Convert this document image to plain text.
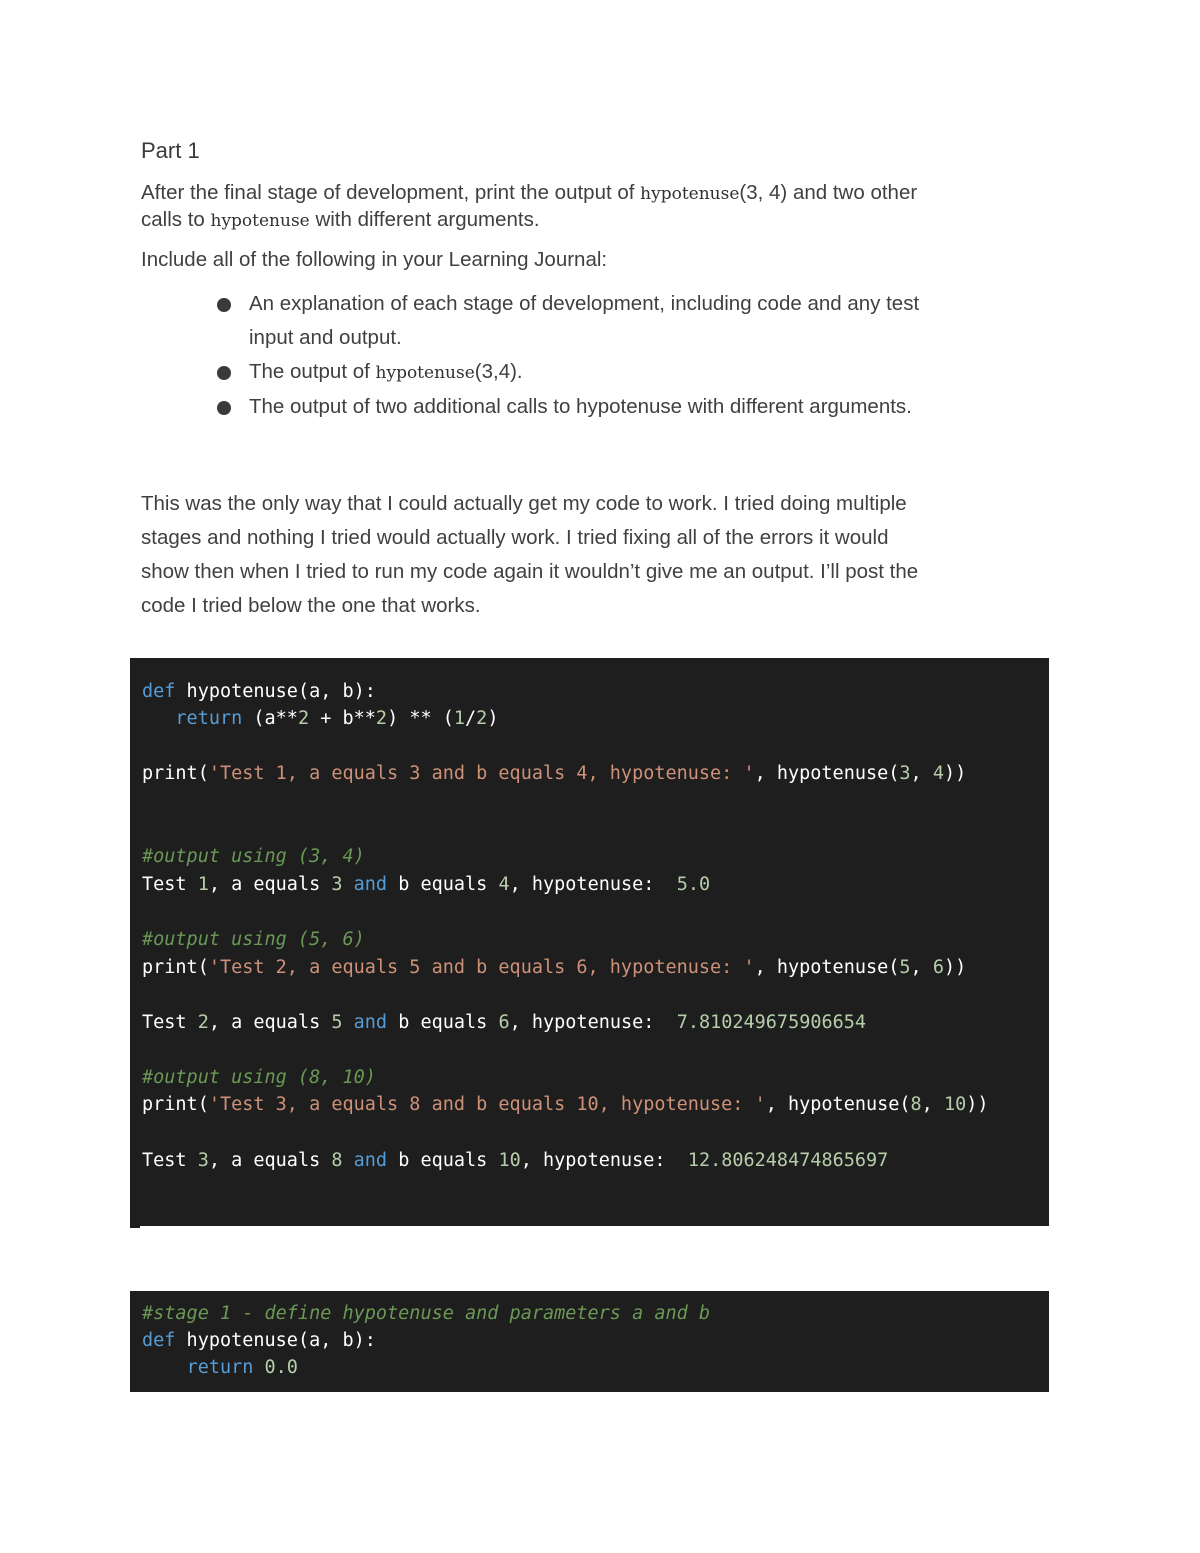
Part 1
After the final stage of development, print the output of hypotenuse(3, 4) and two other
calls to hypotenuse with different arguments.
Include all of the following in your Learning Journal:
An explanation of each stage of development, including code and any test
input and output.
The output of hypotenuse(3,4).
The output of two additional calls to hypotenuse with different arguments.
This was the only way that I could actually get my code to work. I tried doing multiple
stages and nothing I tried would actually work. I tried fixing all of the errors it would
show then when I tried to run my code again it wouldn’t give me an output. I’ll post the
code I tried below the one that works.
def hypotenuse(a, b):
return (a**2 + b**2) ** (1/2)
print('Test 1, a equals 3 and b equals 4, hypotenuse: ', hypotenuse(3, 4))
#output using (3, 4)
Test 1, a equals 3 and b equals 4, hypotenuse:  5.0
#output using (5, 6)
print('Test 2, a equals 5 and b equals 6, hypotenuse: ', hypotenuse(5, 6))
Test 2, a equals 5 and b equals 6, hypotenuse:  7.810249675906654
#output using (8, 10)
print('Test 3, a equals 8 and b equals 10, hypotenuse: ', hypotenuse(8, 10))
Test 3, a equals 8 and b equals 10, hypotenuse:  12.806248474865697
#stage 1 - define hypotenuse and parameters a and b
def hypotenuse(a, b):
return 0.0
